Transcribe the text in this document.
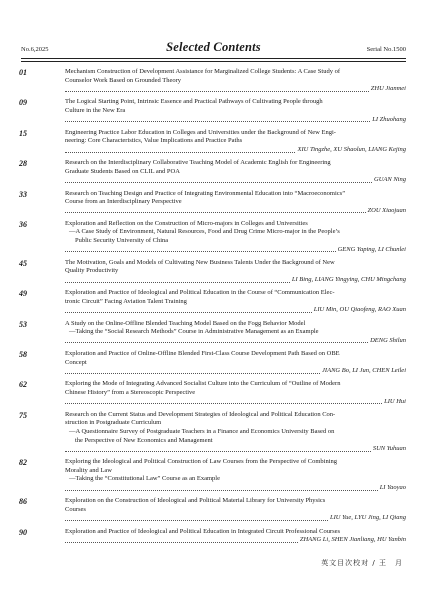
No.6,2025	Selected Contents	Serial No.1500
01	Mechanism Construction of Development Assistance for Marginalized College Students: A Case Study of
Counselor Work Based on Grounded Theory
ZHU Jianmei
09	The Logical Starting Point, Intrinsic Essence and Practical Pathways of Cultivating People through
Culture in the New Era
LI Zhuohang
15	Engineering Practice Labor Education in Colleges and Universities under the Background of New Engi-
neering: Core Characteristics, Value Implications and Practice Paths
XIU Tingzhe, XU Shaolun, LIANG Kejing
28	Research on the Interdisciplinary Collaborative Teaching Model of Academic English for Engineering
Graduate Students Based on CLIL and POA
GUAN Ning
33	Research on Teaching Design and Practice of Integrating Environmental Education into “Macroeconomics”
Course from an Interdisciplinary Perspective
ZOU Xiaojuan
36	Exploration and Reflection on the Construction of Micro-majors in Colleges and Universities
—A Case Study of Environment, Natural Resources, Food and Drug Crime Micro-major in the People’s
Public Security University of China
GENG Yaping, LI Chunlei
45	The Motivation, Goals and Models of Cultivating New Business Talents Under the Background of New
Quality Productivity
LI Bing, LIANG Yingying, CHU Mingchang
49	Exploration and Practice of Ideological and Political Education in the Course of “Communication Elec-
tronic Circuit” Facing Aviation Talent Training
LIU Min, OU Qiaofeng, RAO Xuan
53	A Study on the Online-Offline Blended Teaching Model Based on the Fogg Behavior Model
—Taking the “Social Research Methods” Course in Administrative Management as an Example
DENG Shilun
58	Exploration and Practice of Online-Offline Blended First-Class Course Development Path Based on OBE
Concept
JIANG Bo, LI Jun, CHEN Leilei
62	Exploring the Mode of Integrating Advanced Socialist Culture into the Curriculum of “Outline of Modern
Chinese History” from a Stereoscopic Perspective
LIU Hui
75	Research on the Current Status and Development Strategies of Ideological and Political Education Con-
struction in Postgraduate Curriculum
—A Questionnaire Survey of Postgraduate Teachers in a Finance and Economics University Based on
the Perspective of New Economics and Management
SUN Yuhuan
82	Exploring the Ideological and Political Construction of Law Courses from the Perspective of Combining
Morality and Law
—Taking the “Constitutional Law” Course as an Example
LI Yaoyao
86	Exploration on the Construction of Ideological and Political Material Library for University Physics
Courses
LIU Yue, LYU Jing, LI Qiang
90	Exploration and Practice of Ideological and Political Education in Integrated Circuit Professional Courses
ZHANG Li, SHEN Jianliang, HU Yanbin
英文目次校对 / 王　月
